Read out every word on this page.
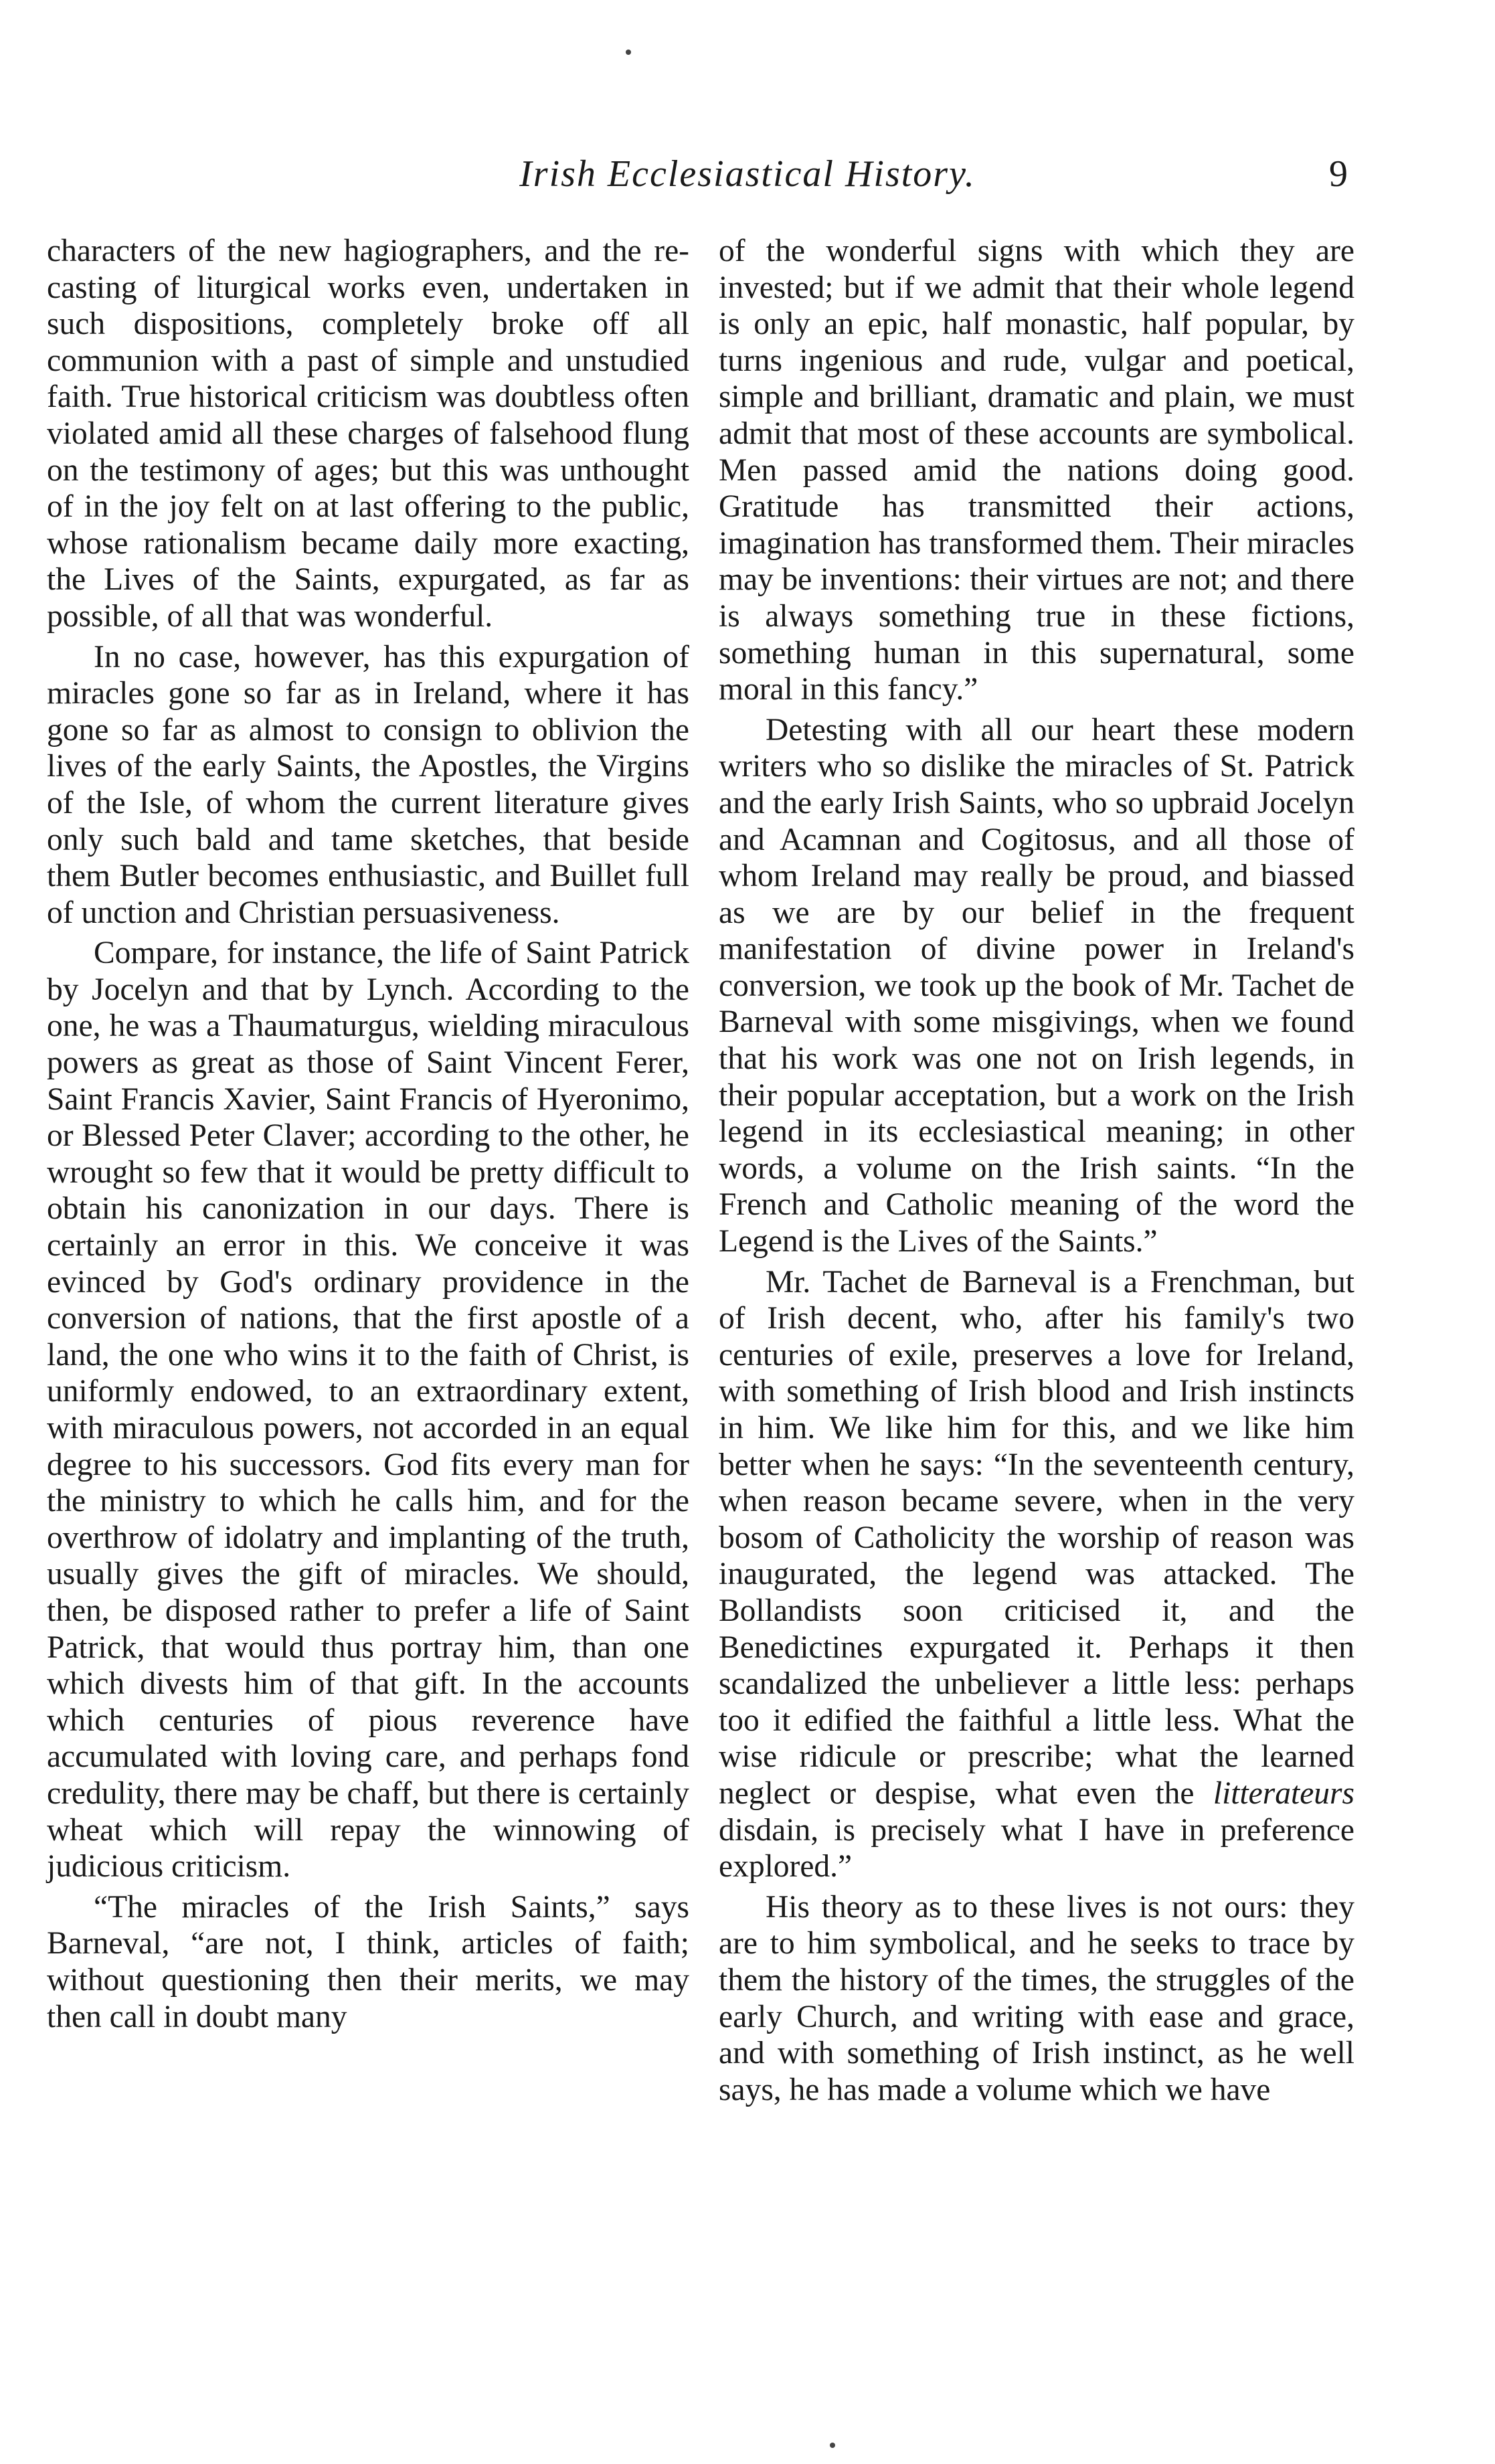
Irish Ecclesiastical History.	9

characters of the new hagiographers, and the re-casting of liturgical works even, undertaken in such dispositions, completely broke off all communion with a past of simple and unstudied faith. True historical criticism was doubtless often violated amid all these charges of falsehood flung on the testimony of ages; but this was unthought of in the joy felt on at last offering to the public, whose rationalism became daily more exacting, the Lives of the Saints, expurgated, as far as possible, of all that was wonderful.

In no case, however, has this expurgation of miracles gone so far as in Ireland, where it has gone so far as almost to consign to oblivion the lives of the early Saints, the Apostles, the Virgins of the Isle, of whom the current literature gives only such bald and tame sketches, that beside them Butler becomes enthusiastic, and Buillet full of unction and Christian persuasiveness.

Compare, for instance, the life of Saint Patrick by Jocelyn and that by Lynch. According to the one, he was a Thaumaturgus, wielding miraculous powers as great as those of Saint Vincent Ferer, Saint Francis Xavier, Saint Francis of Hyeronimo, or Blessed Peter Claver; according to the other, he wrought so few that it would be pretty difficult to obtain his canonization in our days. There is certainly an error in this. We conceive it was evinced by God's ordinary providence in the conversion of nations, that the first apostle of a land, the one who wins it to the faith of Christ, is uniformly endowed, to an extraordinary extent, with miraculous powers, not accorded in an equal degree to his successors. God fits every man for the ministry to which he calls him, and for the overthrow of idolatry and implanting of the truth, usually gives the gift of miracles. We should, then, be disposed rather to prefer a life of Saint Patrick, that would thus portray him, than one which divests him of that gift. In the accounts which centuries of pious reverence have accumulated with loving care, and perhaps fond credulity, there may be chaff, but there is certainly wheat which will repay the winnowing of judicious criticism.

“The miracles of the Irish Saints,” says Barneval, “are not, I think, articles of faith; without questioning then their merits, we may then call in doubt many

of the wonderful signs with which they are invested; but if we admit that their whole legend is only an epic, half monastic, half popular, by turns ingenious and rude, vulgar and poetical, simple and brilliant, dramatic and plain, we must admit that most of these accounts are symbolical. Men passed amid the nations doing good. Gratitude has transmitted their actions, imagination has transformed them. Their miracles may be inventions: their virtues are not; and there is always something true in these fictions, something human in this supernatural, some moral in this fancy.”

Detesting with all our heart these modern writers who so dislike the miracles of St. Patrick and the early Irish Saints, who so upbraid Jocelyn and Acamnan and Cogitosus, and all those of whom Ireland may really be proud, and biassed as we are by our belief in the frequent manifestation of divine power in Ireland's conversion, we took up the book of Mr. Tachet de Barneval with some misgivings, when we found that his work was one not on Irish legends, in their popular acceptation, but a work on the Irish legend in its ecclesiastical meaning; in other words, a volume on the Irish saints. “In the French and Catholic meaning of the word the Legend is the Lives of the Saints.”

Mr. Tachet de Barneval is a Frenchman, but of Irish decent, who, after his family's two centuries of exile, preserves a love for Ireland, with something of Irish blood and Irish instincts in him. We like him for this, and we like him better when he says: “In the seventeenth century, when reason became severe, when in the very bosom of Catholicity the worship of reason was inaugurated, the legend was attacked. The Bollandists soon criticised it, and the Benedictines expurgated it. Perhaps it then scandalized the unbeliever a little less: perhaps too it edified the faithful a little less. What the wise ridicule or prescribe; what the learned neglect or despise, what even the litterateurs disdain, is precisely what I have in preference explored.”

His theory as to these lives is not ours: they are to him symbolical, and he seeks to trace by them the history of the times, the struggles of the early Church, and writing with ease and grace, and with something of Irish instinct, as he well says, he has made a volume which we have
